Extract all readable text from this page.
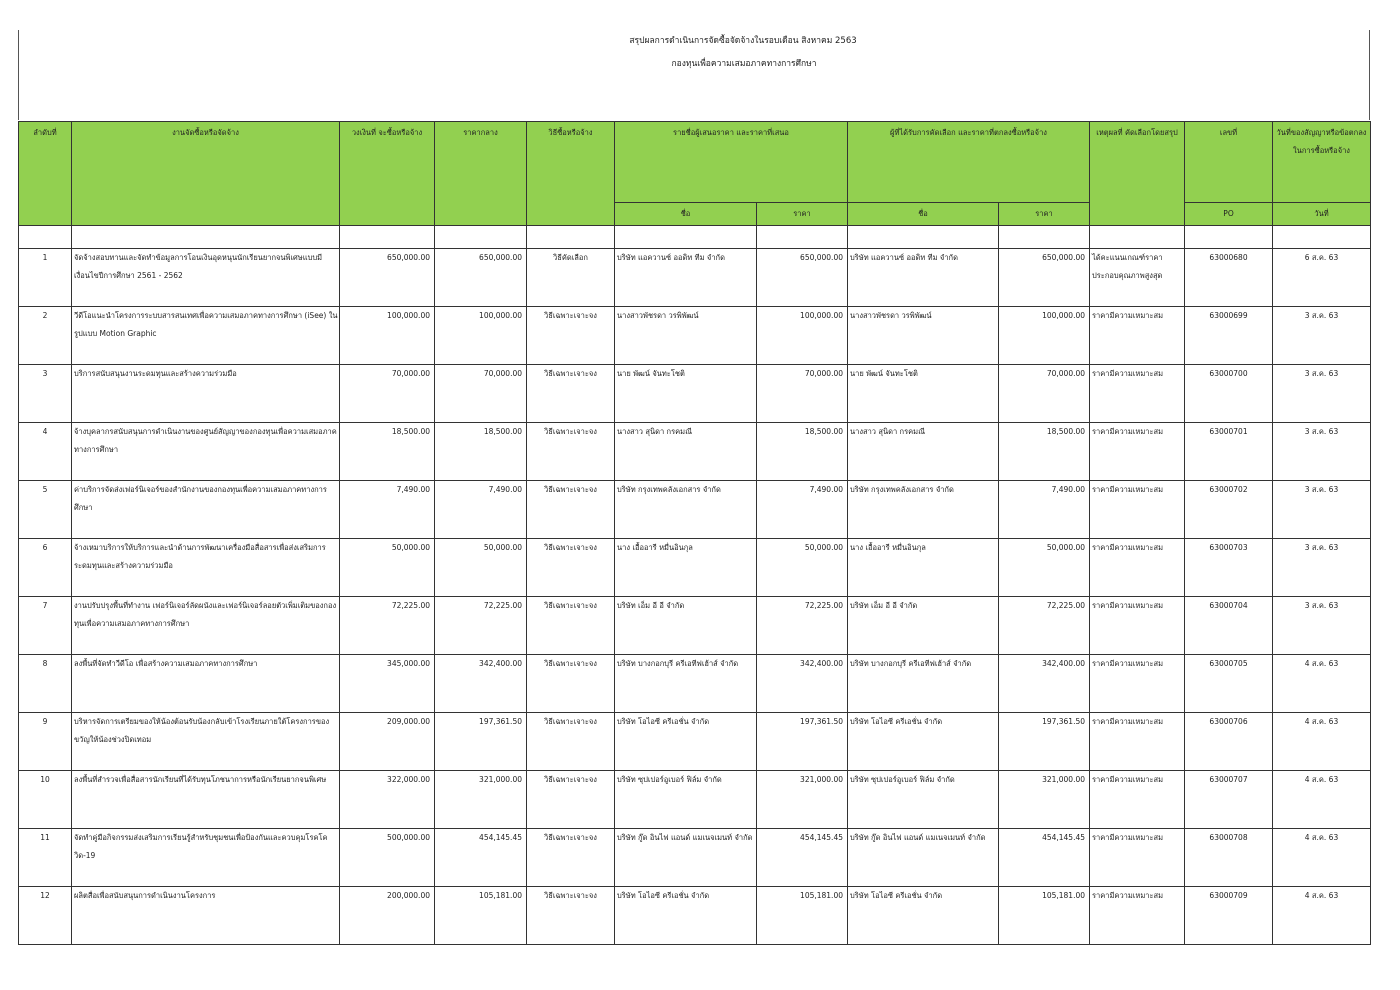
สรุปผลการดำเนินการจัดซื้อจัดจ้างในรอบเดือน สิงหาคม 2563
กองทุนเพื่อความเสมอภาคทางการศึกษา
ลำดับที่	งานจัดซื้อหรือจัดจ้าง	วงเงินที่ จะซื้อหรือจ้าง	ราคากลาง	วิธีซื้อหรือจ้าง	รายชื่อผู้เสนอราคา และราคาที่เสนอ		ผู้ที่ได้รับการคัดเลือก และราคาที่ตกลงซื้อหรือจ้าง		เหตุผลที่ คัดเลือกโดยสรุป	เลขที่	วันที่ของสัญญาหรือข้อตกลง ในการซื้อหรือจ้าง
					ชื่อ	ราคา	ชื่อ	ราคา		PO	วันที่

1	จัดจ้างสอบทานและจัดทำข้อมูลการโอนเงินอุดหนุนนักเรียนยากจนพิเศษแบบมีเงื่อนไขปีการศึกษา 2561 - 2562	650,000.00	650,000.00	วิธีคัดเลือก	บริษัท แอควานซ์ ออดิท ทีม จำกัด	650,000.00	บริษัท แอควานซ์ ออดิท ทีม จำกัด	650,000.00	ได้คะแนนเกณฑ์ราคาประกอบคุณภาพสูงสุด	63000680	6 ส.ค. 63
2	วีดีโอแนะนำโครงการระบบสารสนเทศเพื่อความเสมอภาคทางการศึกษา (iSee) ในรูปแบบ Motion Graphic	100,000.00	100,000.00	วิธีเฉพาะเจาะจง	นางสาวพัชรดา วรพิพัฒน์	100,000.00	นางสาวพัชรดา วรพิพัฒน์	100,000.00	ราคามีความเหมาะสม	63000699	3 ส.ค. 63
3	บริการสนับสนุนงานระดมทุนและสร้างความร่วมมือ	70,000.00	70,000.00	วิธีเฉพาะเจาะจง	นาย พัฒน์ จันทะโชติ	70,000.00	นาย พัฒน์ จันทะโชติ	70,000.00	ราคามีความเหมาะสม	63000700	3 ส.ค. 63
4	จ้างบุคลากรสนับสนุนการดำเนินงานของศูนย์สัญญาของกองทุนเพื่อความเสมอภาคทางการศึกษา	18,500.00	18,500.00	วิธีเฉพาะเจาะจง	นางสาว สุนิดา กรคมณี	18,500.00	นางสาว สุนิดา กรคมณี	18,500.00	ราคามีความเหมาะสม	63000701	3 ส.ค. 63
5	ค่าบริการจัดส่งเฟอร์นิเจอร์ของสำนักงานของกองทุนเพื่อความเสมอภาคทางการศึกษา	7,490.00	7,490.00	วิธีเฉพาะเจาะจง	บริษัท กรุงเทพคลังเอกสาร จำกัด	7,490.00	บริษัท กรุงเทพคลังเอกสาร จำกัด	7,490.00	ราคามีความเหมาะสม	63000702	3 ส.ค. 63
6	จ้างเหมาบริการให้บริการและนำด้านการพัฒนาเครื่องมือสื่อสารเพื่อส่งเสริมการระดมทุนและสร้างความร่วมมือ	50,000.00	50,000.00	วิธีเฉพาะเจาะจง	นาง เอื้ออารี หมื่นอินกุล	50,000.00	นาง เอื้ออารี หมื่นอินกุล	50,000.00	ราคามีความเหมาะสม	63000703	3 ส.ค. 63
7	งานปรับปรุงพื้นที่ทำงาน เฟอร์นิเจอร์ลัดผนังและเฟอร์นิเจอร์ลอยตัวเพิ่มเติมของกองทุนเพื่อความเสมอภาคทางการศึกษา	72,225.00	72,225.00	วิธีเฉพาะเจาะจง	บริษัท เอ็ม อี อี จำกัด	72,225.00	บริษัท เอ็ม อี อี จำกัด	72,225.00	ราคามีความเหมาะสม	63000704	3 ส.ค. 63
8	ลงพื้นที่จัดทำวีดีโอ เพื่อสร้างความเสมอภาคทางการศึกษา	345,000.00	342,400.00	วิธีเฉพาะเจาะจง	บริษัท บางกอกบุรี ครีเอทีฟเฮ้าส์ จำกัด	342,400.00	บริษัท บางกอกบุรี ครีเอทีฟเฮ้าส์ จำกัด	342,400.00	ราคามีความเหมาะสม	63000705	4 ส.ค. 63
9	บริหารจัดการเตรียมของให้น้องต้อนรับน้องกลับเข้าโรงเรียนภายใต้โครงการของขวัญให้น้องช่วงปิดเทอม	209,000.00	197,361.50	วิธีเฉพาะเจาะจง	บริษัท โอไอซี ครีเอชั่น จำกัด	197,361.50	บริษัท โอไอซี ครีเอชั่น จำกัด	197,361.50	ราคามีความเหมาะสม	63000706	4 ส.ค. 63
10	ลงพื้นที่สำรวจเพื่อสื่อสารนักเรียนที่ได้รับทุนโภชนาการหรือนักเรียนยากจนพิเศษ	322,000.00	321,000.00	วิธีเฉพาะเจาะจง	บริษัท ซุปเปอร์อูเบอร์ ฟิล์ม จำกัด	321,000.00	บริษัท ซุปเปอร์อูเบอร์ ฟิล์ม จำกัด	321,000.00	ราคามีความเหมาะสม	63000707	4 ส.ค. 63
11	จัดทำคู่มือกิจกรรมส่งเสริมการเรียนรู้สำหรับชุมชนเพื่อป้องกันและควบคุมโรคโควิด-19	500,000.00	454,145.45	วิธีเฉพาะเจาะจง	บริษัท กู๊ด อินไฟ แอนด์ แมเนจเมนท์ จำกัด	454,145.45	บริษัท กู๊ด อินไฟ แอนด์ แมเนจเมนท์ จำกัด	454,145.45	ราคามีความเหมาะสม	63000708	4 ส.ค. 63
12	ผลิตสื่อเพื่อสนับสนุนการดำเนินงานโครงการ	200,000.00	105,181.00	วิธีเฉพาะเจาะจง	บริษัท โอไอซี ครีเอชั่น จำกัด	105,181.00	บริษัท โอไอซี ครีเอชั่น จำกัด	105,181.00	ราคามีความเหมาะสม	63000709	4 ส.ค. 63
